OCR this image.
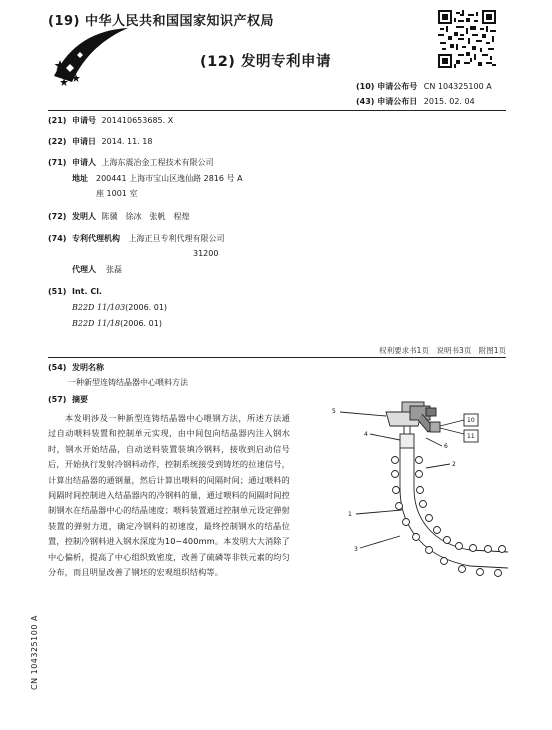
(19) 中华人民共和国国家知识产权局
(12) 发明专利申请
(10) 申请公布号 CN 104325100 A
(43) 申请公布日 2015. 02. 04
(21) 申请号 201410653685. X
(22) 申请日 2014. 11. 18
(71) 申请人 上海东震冶金工程技术有限公司
地址 200441 上海市宝山区逸仙路 2816 号 A
座 1001 室
(72) 发明人 陈骥　徐冰　张帆　程煌
(74) 专利代理机构 上海正旦专利代理有限公司
31200
代理人 张磊
(51) Int. Cl.
B22D 11/103(2006. 01)
B22D 11/18(2006. 01)
权利要求书1页　说明书3页　附图1页
(54) 发明名称
一种新型连铸结晶器中心喂料方法
(57) 摘要
本发明涉及一种新型连铸结晶器中心喂钢方法，所述方法通过自动喂料装置和控制单元实现，由中间包向结晶器内注入钢水时，钢水开始结晶，自动送料装置装填冷钢料，接收到启动信号后，开始执行发射冷钢料动作，控制系统接受到铸坯的拉速信号，计算出结晶器的通钢量，然后计算出喂料的间隔时间；通过喂料的间隔时间控制进入结晶器内的冷钢料的量，通过喂料的间隔时间控制钢水在结晶器中心的结晶速度；喂料装置通过控制单元设定弹射装置的弹射力道，确定冷钢料的初速度，最终控制钢水的结晶位置，控制冷钢料进入钢水深度为10~400mm。本发明大大消除了中心偏析，提高了中心组织致密度，改善了硫磷等非铁元素的均匀分布，而且明显改善了钢坯的宏观组织结构等。
5
4
6
2
3
1
10
11
CN 104325100 A
